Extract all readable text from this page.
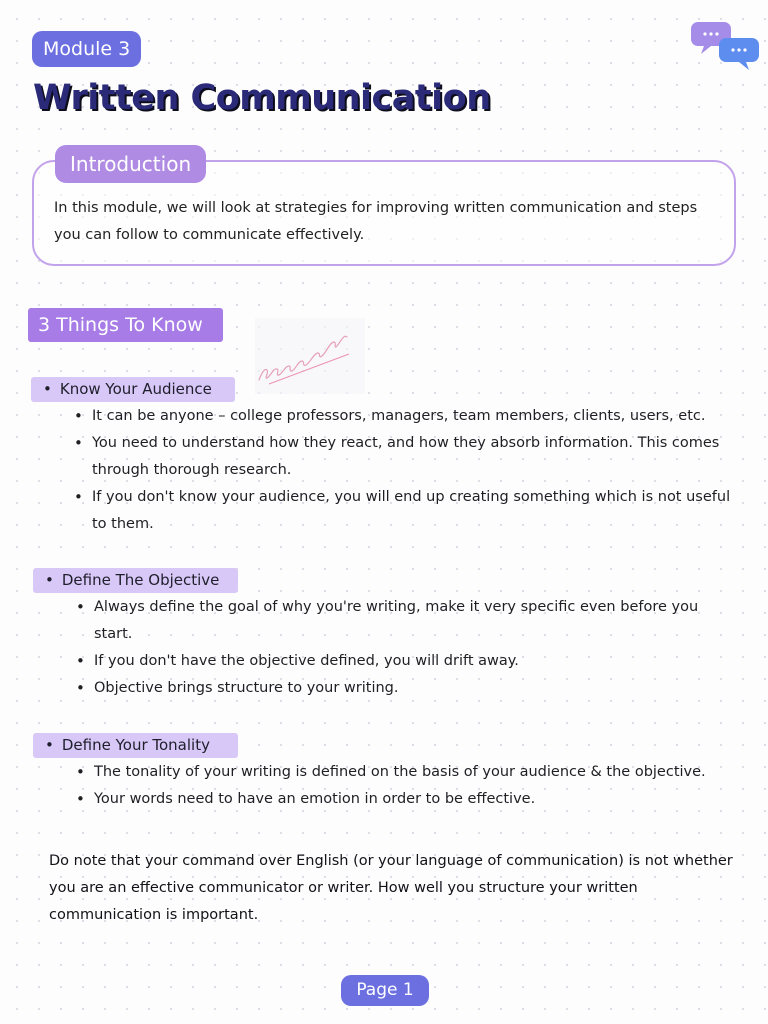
Module 3
Written Communication
Introduction

In this module, we will look at strategies for improving written communication and steps you can follow to communicate effectively.

3 Things To Know
• Know Your Audience
• It can be anyone – college professors, managers, team members, clients, users, etc.
• You need to understand how they react, and how they absorb information. This comes through thorough research.
• If you don't know your audience, you will end up creating something which is not useful to them.
• Define The Objective
• Always define the goal of why you're writing, make it very specific even before you start.
• If you don't have the objective defined, you will drift away.
• Objective brings structure to your writing.
• Define Your Tonality
• The tonality of your writing is defined on the basis of your audience & the objective.
• Your words need to have an emotion in order to be effective.

Do note that your command over English (or your language of communication) is not whether you are an effective communicator or writer. How well you structure your written communication is important.

Page 1
